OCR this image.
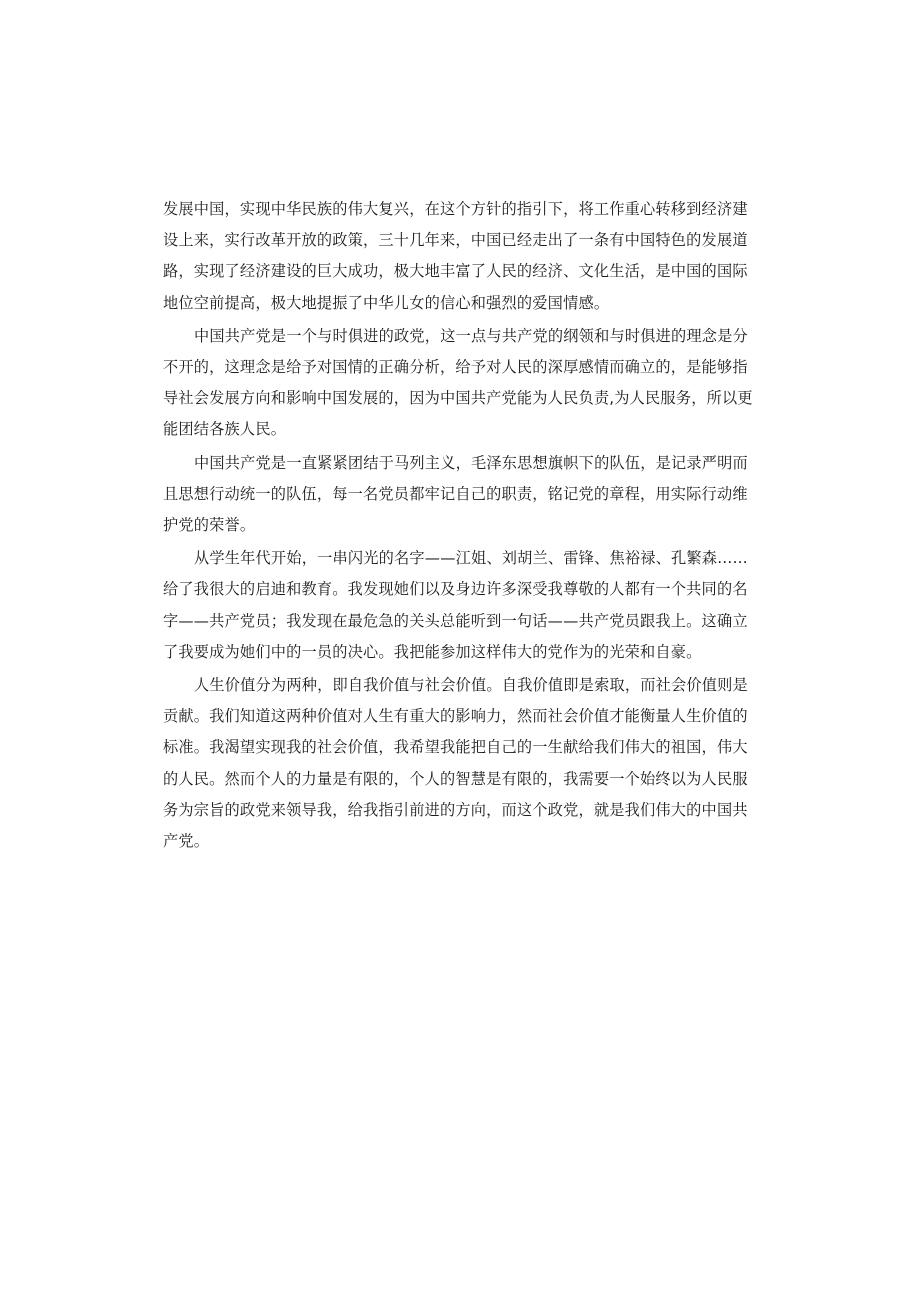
发展中国，实现中华民族的伟大复兴，在这个方针的指引下，将工作重心转移到经济建
设上来，实行改革开放的政策，三十几年来，中国已经走出了一条有中国特色的发展道
路，实现了经济建设的巨大成功，极大地丰富了人民的经济、文化生活，是中国的国际
地位空前提高，极大地提振了中华儿女的信心和强烈的爱国情感。

中国共产党是一个与时俱进的政党，这一点与共产党的纲领和与时俱进的理念是分
不开的，这理念是给予对国情的正确分析，给予对人民的深厚感情而确立的，是能够指
导社会发展方向和影响中国发展的，因为中国共产党能为人民负责,为人民服务，所以更
能团结各族人民。

中国共产党是一直紧紧团结于马列主义，毛泽东思想旗帜下的队伍，是记录严明而
且思想行动统一的队伍，每一名党员都牢记自己的职责，铭记党的章程，用实际行动维
护党的荣誉。

从学生年代开始，一串闪光的名字——江姐、刘胡兰、雷锋、焦裕禄、孔繁森……
给了我很大的启迪和教育。我发现她们以及身边许多深受我尊敬的人都有一个共同的名
字——共产党员；我发现在最危急的关头总能听到一句话——共产党员跟我上。这确立
了我要成为她们中的一员的决心。我把能参加这样伟大的党作为的光荣和自豪。

人生价值分为两种，即自我价值与社会价值。自我价值即是索取，而社会价值则是
贡献。我们知道这两种价值对人生有重大的影响力，然而社会价值才能衡量人生价值的
标准。我渴望实现我的社会价值，我希望我能把自己的一生献给我们伟大的祖国，伟大
的人民。然而个人的力量是有限的，个人的智慧是有限的，我需要一个始终以为人民服
务为宗旨的政党来领导我，给我指引前进的方向，而这个政党，就是我们伟大的中国共
产党。
